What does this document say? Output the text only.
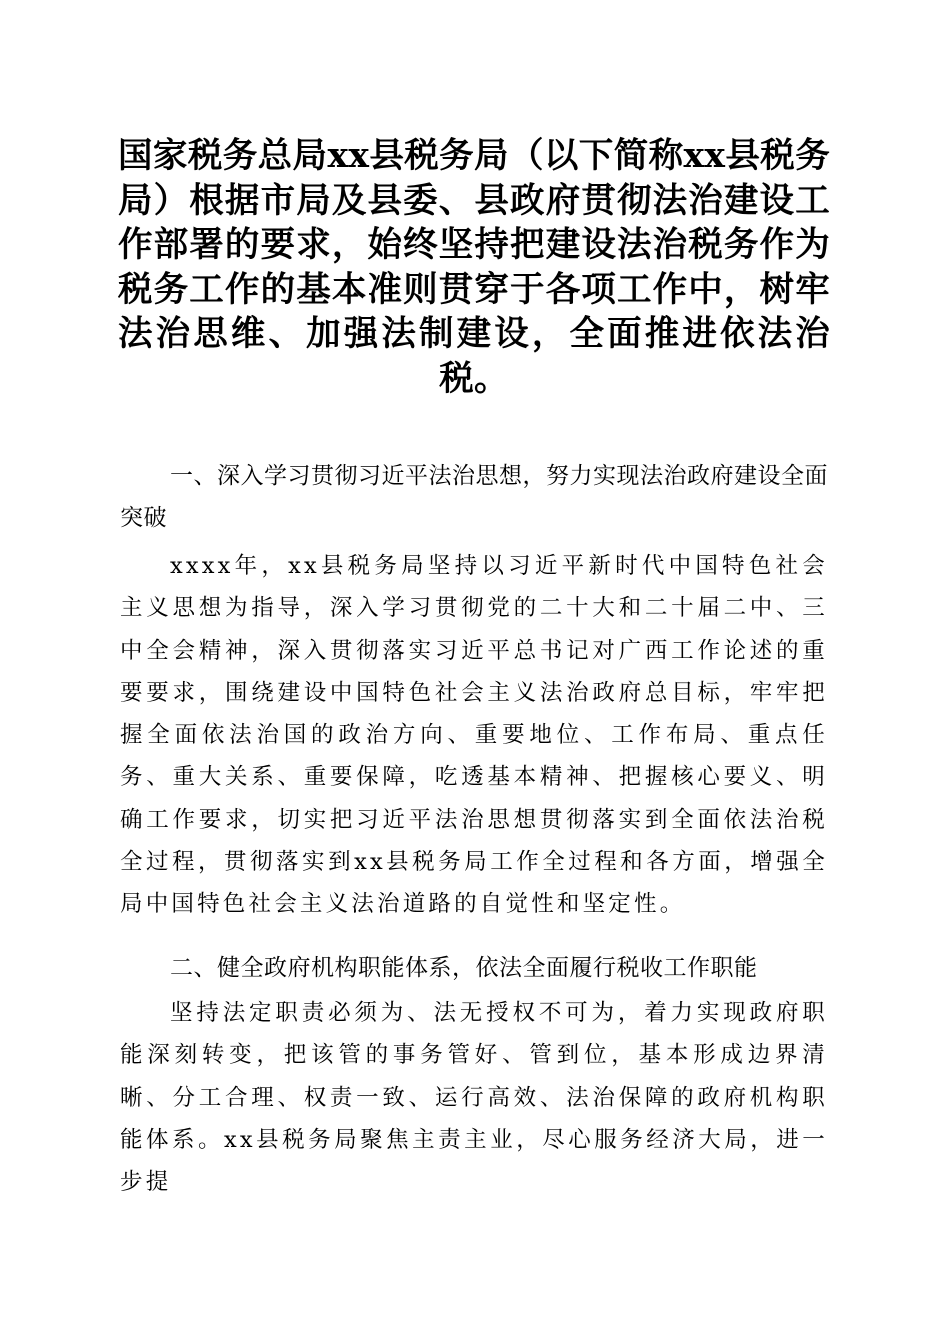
国家税务总局xx县税务局（以下简称xx县税务局）根据市局及县委、县政府贯彻法治建设工作部署的要求，始终坚持把建设法治税务作为税务工作的基本准则贯穿于各项工作中，树牢法治思维、加强法制建设，全面推进依法治税。

一、深入学习贯彻习近平法治思想，努力实现法治政府建设全面突破

xxxx年，xx县税务局坚持以习近平新时代中国特色社会主义思想为指导，深入学习贯彻党的二十大和二十届二中、三中全会精神，深入贯彻落实习近平总书记对广西工作论述的重要要求，围绕建设中国特色社会主义法治政府总目标，牢牢把握全面依法治国的政治方向、重要地位、工作布局、重点任务、重大关系、重要保障，吃透基本精神、把握核心要义、明确工作要求，切实把习近平法治思想贯彻落实到全面依法治税全过程，贯彻落实到xx县税务局工作全过程和各方面，增强全局中国特色社会主义法治道路的自觉性和坚定性。

二、健全政府机构职能体系，依法全面履行税收工作职能

坚持法定职责必须为、法无授权不可为，着力实现政府职能深刻转变，把该管的事务管好、管到位，基本形成边界清晰、分工合理、权责一致、运行高效、法治保障的政府机构职能体系。xx县税务局聚焦主责主业，尽心服务经济大局，进一步提
